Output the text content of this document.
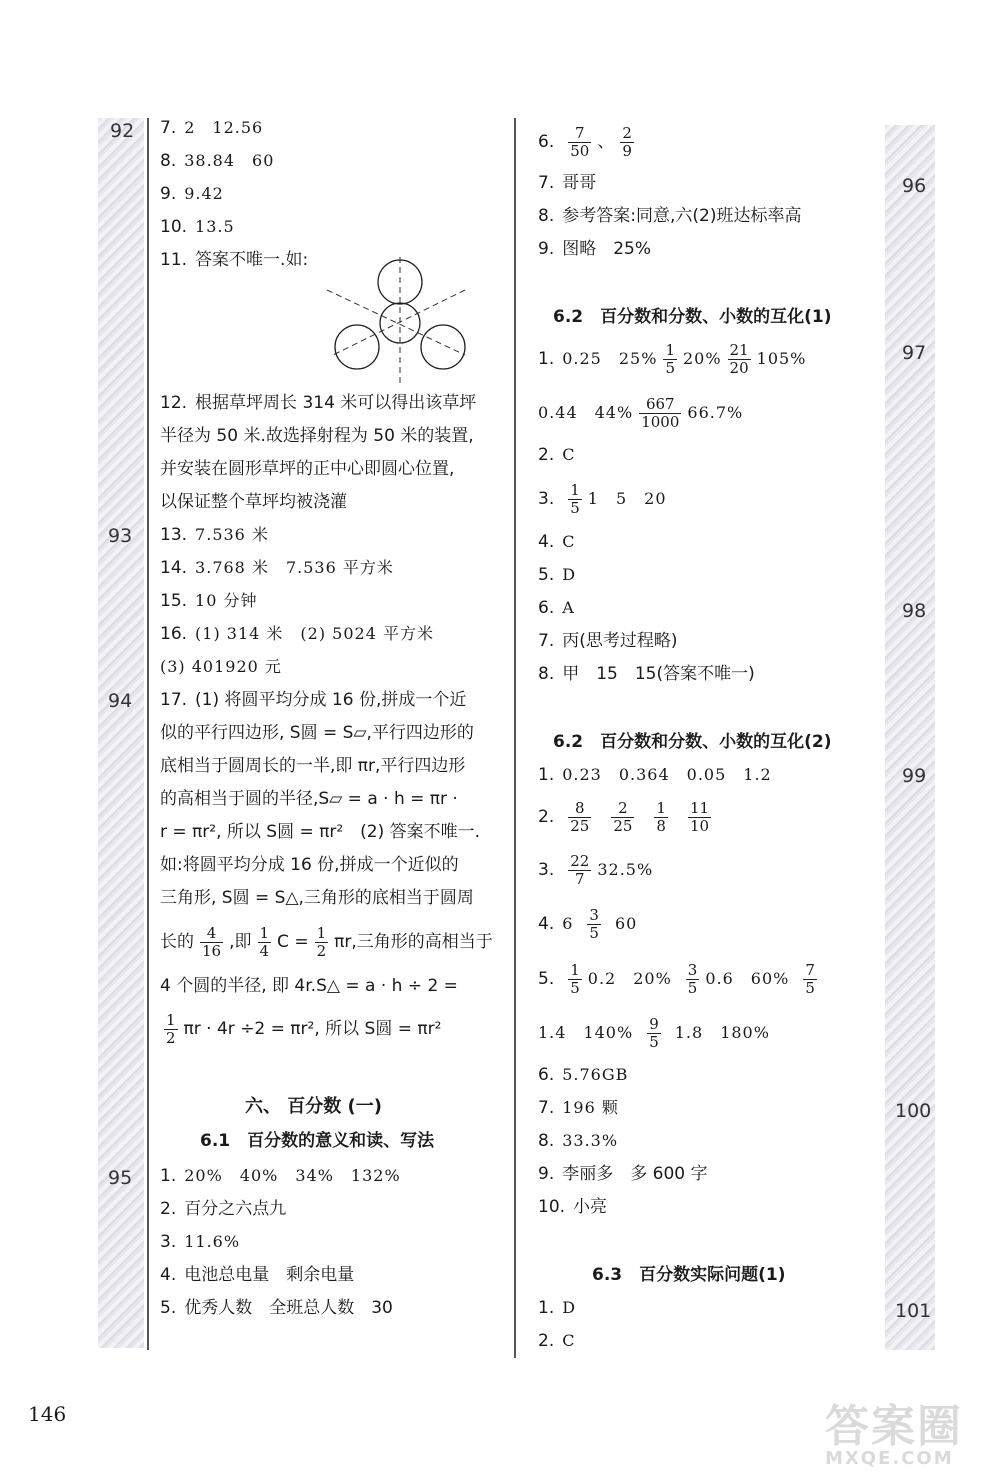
92
93
94
95
96
97
98
99
100
101
7. 2　12.56
8. 38.84　60
9. 9.42
10. 13.5
11. 答案不唯一.如:
12. 根据草坪周长 314 米可以得出该草坪
半径为 50 米.故选择射程为 50 米的装置,
并安装在圆形草坪的正中心即圆心位置,
以保证整个草坪均被浇灌
13. 7.536 米
14. 3.768 米　7.536 平方米
15. 10 分钟
16. (1) 314 米　(2) 5024 平方米
(3) 401920 元
17. (1) 将圆平均分成 16 份,拼成一个近
似的平行四边形, S圆 = S▱,平行四边形的
底相当于圆周长的一半,即 πr,平行四边形
的高相当于圆的半径,S▱ = a · h = πr ·
r = πr², 所以 S圆 = πr²　(2) 答案不唯一.
如:将圆平均分成 16 份,拼成一个近似的
三角形, S圆 = S△,三角形的底相当于圆周
长的 $\frac{4}{16}$ ,即 $\frac{1}{4}$ $C = \frac{1}{2} \pi r$,三角形的高相当于
4 个圆的半径, 即 4r.S△ = a · h ÷ 2 =
$\frac{1}{2}$ πr · 4r ÷2 = πr², 所以 S圆 = πr²
六、 百分数 (一)
6.1　百分数的意义和读、写法
1. 20%　40%　34%　132%
2. 百分之六点九
3. 11.6%
4. 电池总电量　剩余电量
5. 优秀人数　全班总人数　30
6. $\frac{7}{50}$ 、 $\frac{2}{9}$
7. 哥哥
8. 参考答案:同意,六(2)班达标率高
9. 图略　25%
6.2　百分数和分数、小数的互化(1)
1. 0.25　$25\% \frac{1}{5} 20\% \frac{21}{20} 105\%$
0.44　$44\% \frac{667}{1000} 66.7\%$
2. C
3. $\frac{1}{5} 1$　5　20
4. C
5. D
6. A
7. 丙(思考过程略)
8. 甲　15　15(答案不唯一)
6.2　百分数和分数、小数的互化(2)
1. 0.23　0.364　0.05　1.2
2. $\frac{8}{25} \frac{2}{25} \frac{1}{8} \frac{11}{10}$
3. $\frac{22}{7} 32.5\%$
4. $6 \frac{3}{5} 60$
5. $\frac{1}{5} 0.2$　$20\% \frac{3}{5} 0.6$　$60\% \frac{7}{5}$
1.4　$140\% \frac{9}{5} 1.8$　180%
6. 5.76GB
7. 196 颗
8. 33.3%
9. 李丽多　多 600 字
10. 小亮
6.3　百分数实际问题(1)
1. D
2. C
146	答案圈
MXQE.COM
